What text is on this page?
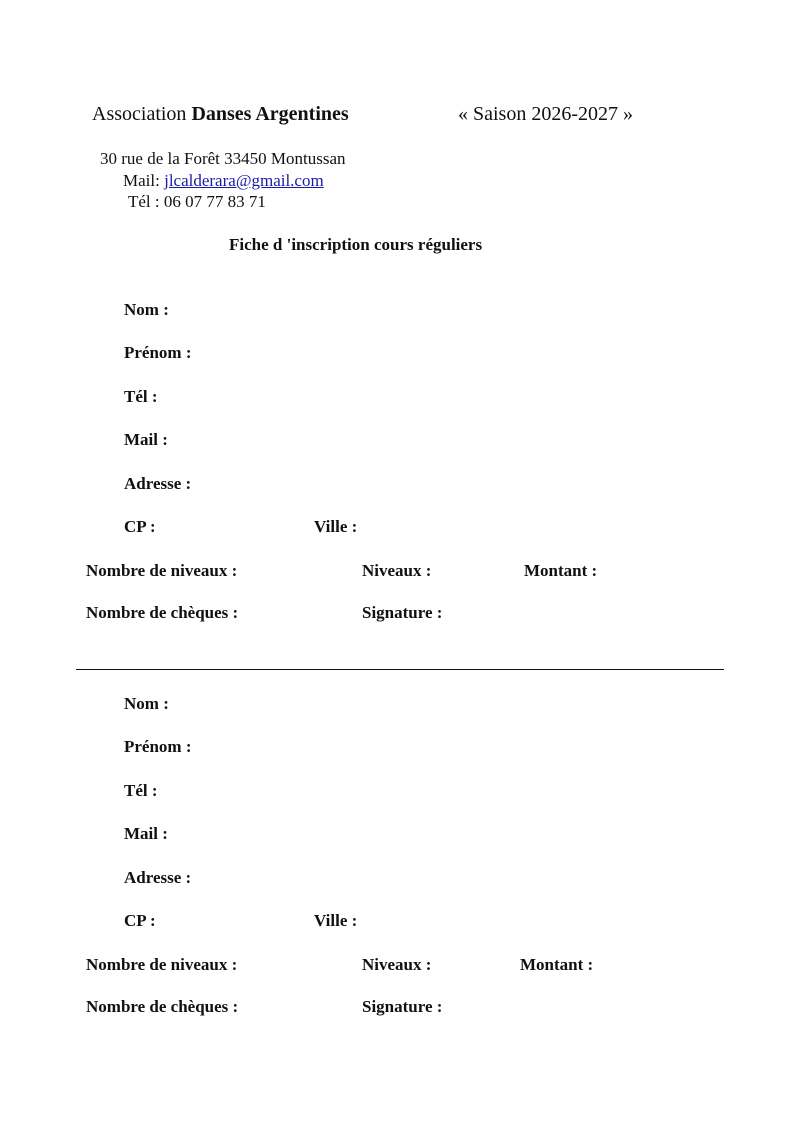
Association Danses Argentines	« Saison 2026-2027 »
30 rue de la Forêt 33450 Montussan
Mail: jlcalderara@gmail.com
Tél : 06 07 77 83 71
Fiche d 'inscription cours réguliers
Nom :
Prénom :
Tél :
Mail :
Adresse :
CP :	Ville :
Nombre de niveaux :	Niveaux :	Montant :
Nombre de chèques :	Signature :
Nom :
Prénom :
Tél :
Mail :
Adresse :
CP :	Ville :
Nombre de niveaux :	Niveaux :	Montant :
Nombre de chèques :	Signature :
